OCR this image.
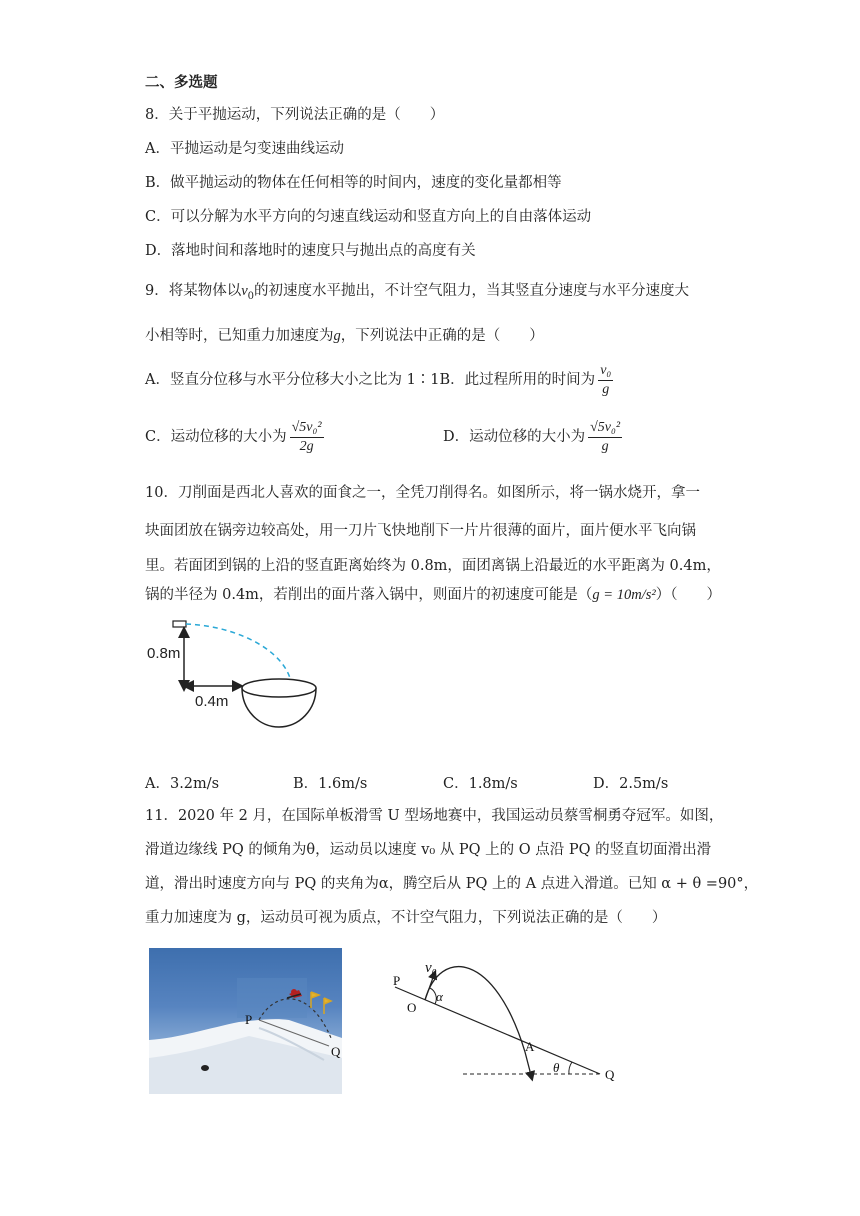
二、多选题
8．关于平抛运动，下列说法正确的是（　　）
A．平抛运动是匀变速曲线运动
B．做平抛运动的物体在任何相等的时间内，速度的变化量都相等
C．可以分解为水平方向的匀速直线运动和竖直方向上的自由落体运动
D．落地时间和落地时的速度只与抛出点的高度有关
9．将某物体以$v_0$的初速度水平抛出，不计空气阻力，当其竖直分速度与水平分速度大
小相等时，已知重力加速度为g，下列说法中正确的是（　　）
A．竖直分位移与水平分位移大小之比为 1∶1B．此过程所用的时间为 $\frac{\text{v₀}}{g}$
C．运动位移的大小为 $\frac{\text{√5v₀²}}{2g}$	D．运动位移的大小为 $\frac{\text{√5v₀²}}{g}$
10．刀削面是西北人喜欢的面食之一，全凭刀削得名。如图所示，将一锅水烧开，拿一
块面团放在锅旁边较高处，用一刀片飞快地削下一片片很薄的面片，面片便水平飞向锅
里。若面团到锅的上沿的竖直距离始终为 0.8m，面团离锅上沿最近的水平距离为 0.4m，
锅的半径为 0.4m，若削出的面片落入锅中，则面片的初速度可能是（g = 10m/s²）（　　）
0.8m
0.4m
A．3.2m/s	B．1.6m/s	C．1.8m/s	D．2.5m/s
11．2020 年 2 月，在国际单板滑雪 U 型场地赛中，我国运动员蔡雪桐勇夺冠军。如图，
滑道边缘线 PQ 的倾角为θ，运动员以速度 v₀ 从 PQ 上的 O 点沿 PQ 的竖直切面滑出滑
道，滑出时速度方向与 PQ 的夹角为α，腾空后从 PQ 上的 A 点进入滑道。已知 α + θ =90°，
重力加速度为 g，运动员可视为质点，不计空气阻力，下列说法正确的是（　　）
P
Q
P
O
v₀
α
A
θ	Q
